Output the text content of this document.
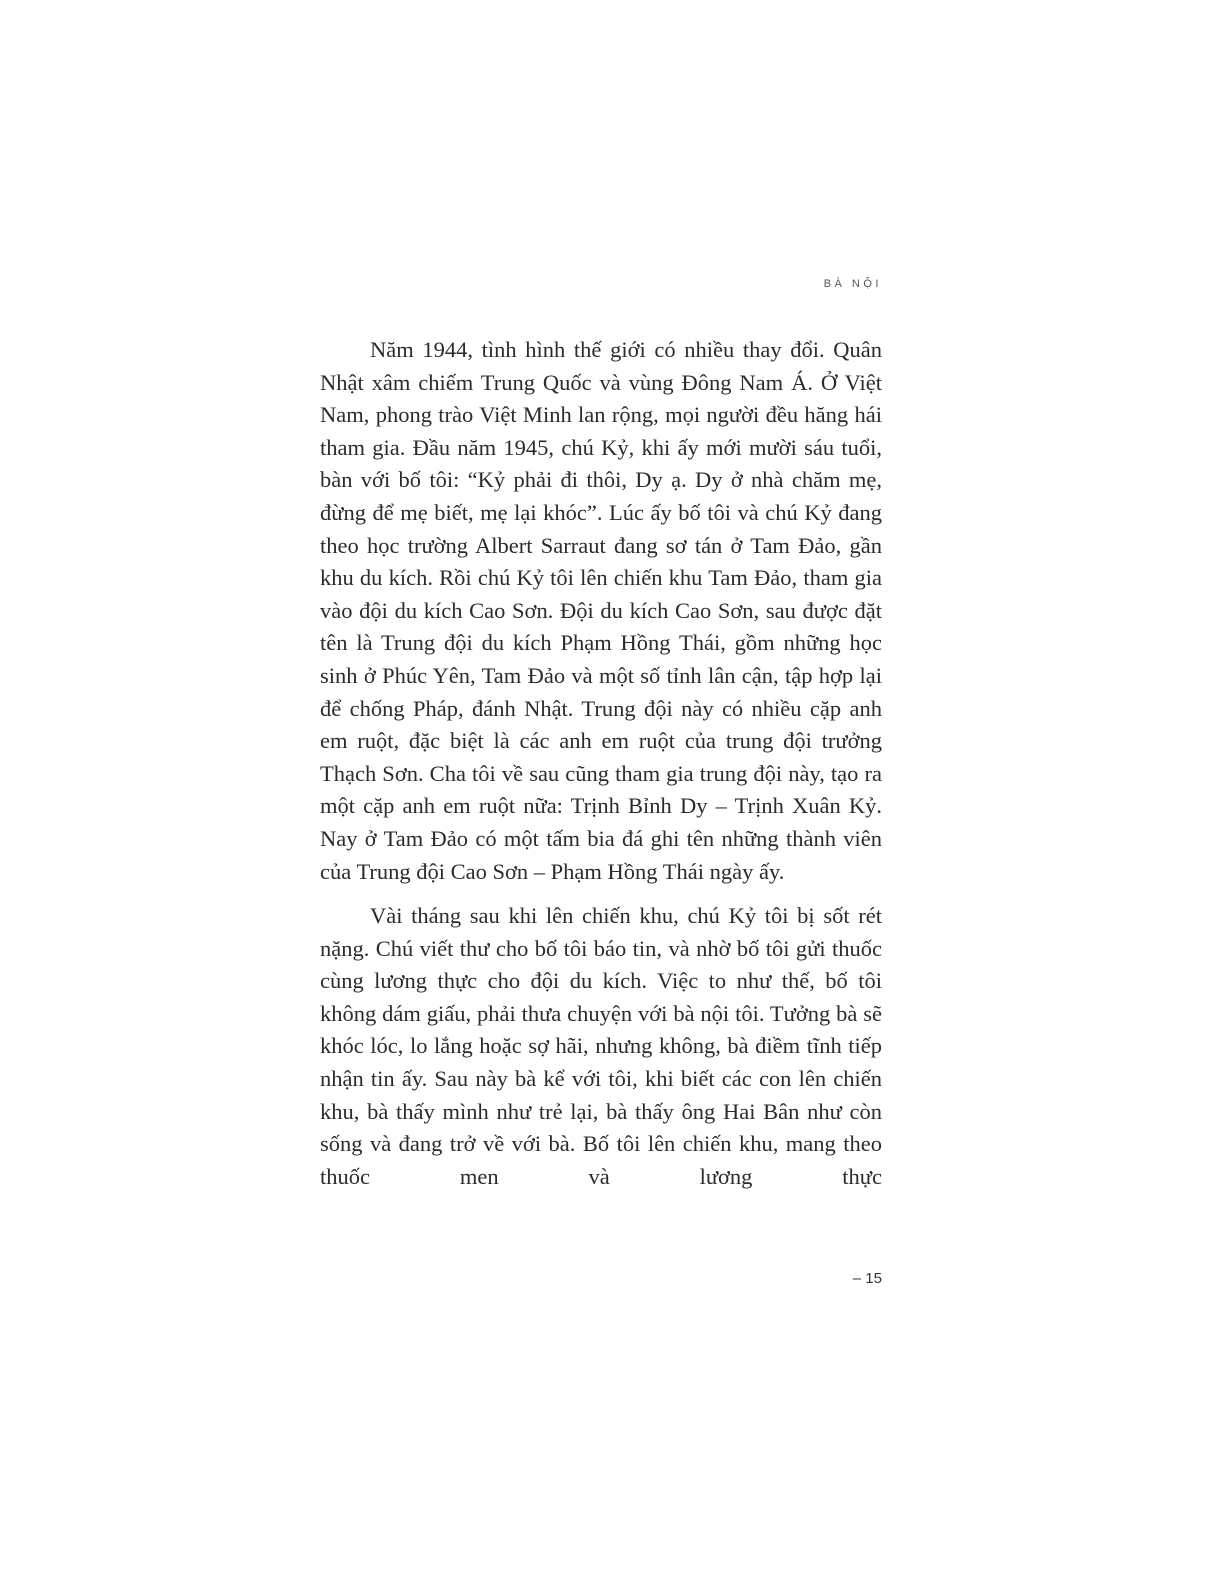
BÀ NỘI

Năm 1944, tình hình thế giới có nhiều thay đổi. Quân Nhật xâm chiếm Trung Quốc và vùng Đông Nam Á. Ở Việt Nam, phong trào Việt Minh lan rộng, mọi người đều hăng hái tham gia. Đầu năm 1945, chú Kỷ, khi ấy mới mười sáu tuổi, bàn với bố tôi: “Kỷ phải đi thôi, Dy ạ. Dy ở nhà chăm mẹ, đừng để mẹ biết, mẹ lại khóc”. Lúc ấy bố tôi và chú Kỷ đang theo học trường Albert Sarraut đang sơ tán ở Tam Đảo, gần khu du kích. Rồi chú Kỷ tôi lên chiến khu Tam Đảo, tham gia vào đội du kích Cao Sơn. Đội du kích Cao Sơn, sau được đặt tên là Trung đội du kích Phạm Hồng Thái, gồm những học sinh ở Phúc Yên, Tam Đảo và một số tỉnh lân cận, tập hợp lại để chống Pháp, đánh Nhật. Trung đội này có nhiều cặp anh em ruột, đặc biệt là các anh em ruột của trung đội trưởng Thạch Sơn. Cha tôi về sau cũng tham gia trung đội này, tạo ra một cặp anh em ruột nữa: Trịnh Bỉnh Dy – Trịnh Xuân Kỷ. Nay ở Tam Đảo có một tấm bia đá ghi tên những thành viên của Trung đội Cao Sơn – Phạm Hồng Thái ngày ấy.

Vài tháng sau khi lên chiến khu, chú Kỷ tôi bị sốt rét nặng. Chú viết thư cho bố tôi báo tin, và nhờ bố tôi gửi thuốc cùng lương thực cho đội du kích. Việc to như thế, bố tôi không dám giấu, phải thưa chuyện với bà nội tôi. Tưởng bà sẽ khóc lóc, lo lắng hoặc sợ hãi, nhưng không, bà điềm tĩnh tiếp nhận tin ấy. Sau này bà kể với tôi, khi biết các con lên chiến khu, bà thấy mình như trẻ lại, bà thấy ông Hai Bân như còn sống và đang trở về với bà. Bố tôi lên chiến khu, mang theo thuốc men và lương thực

– 15
